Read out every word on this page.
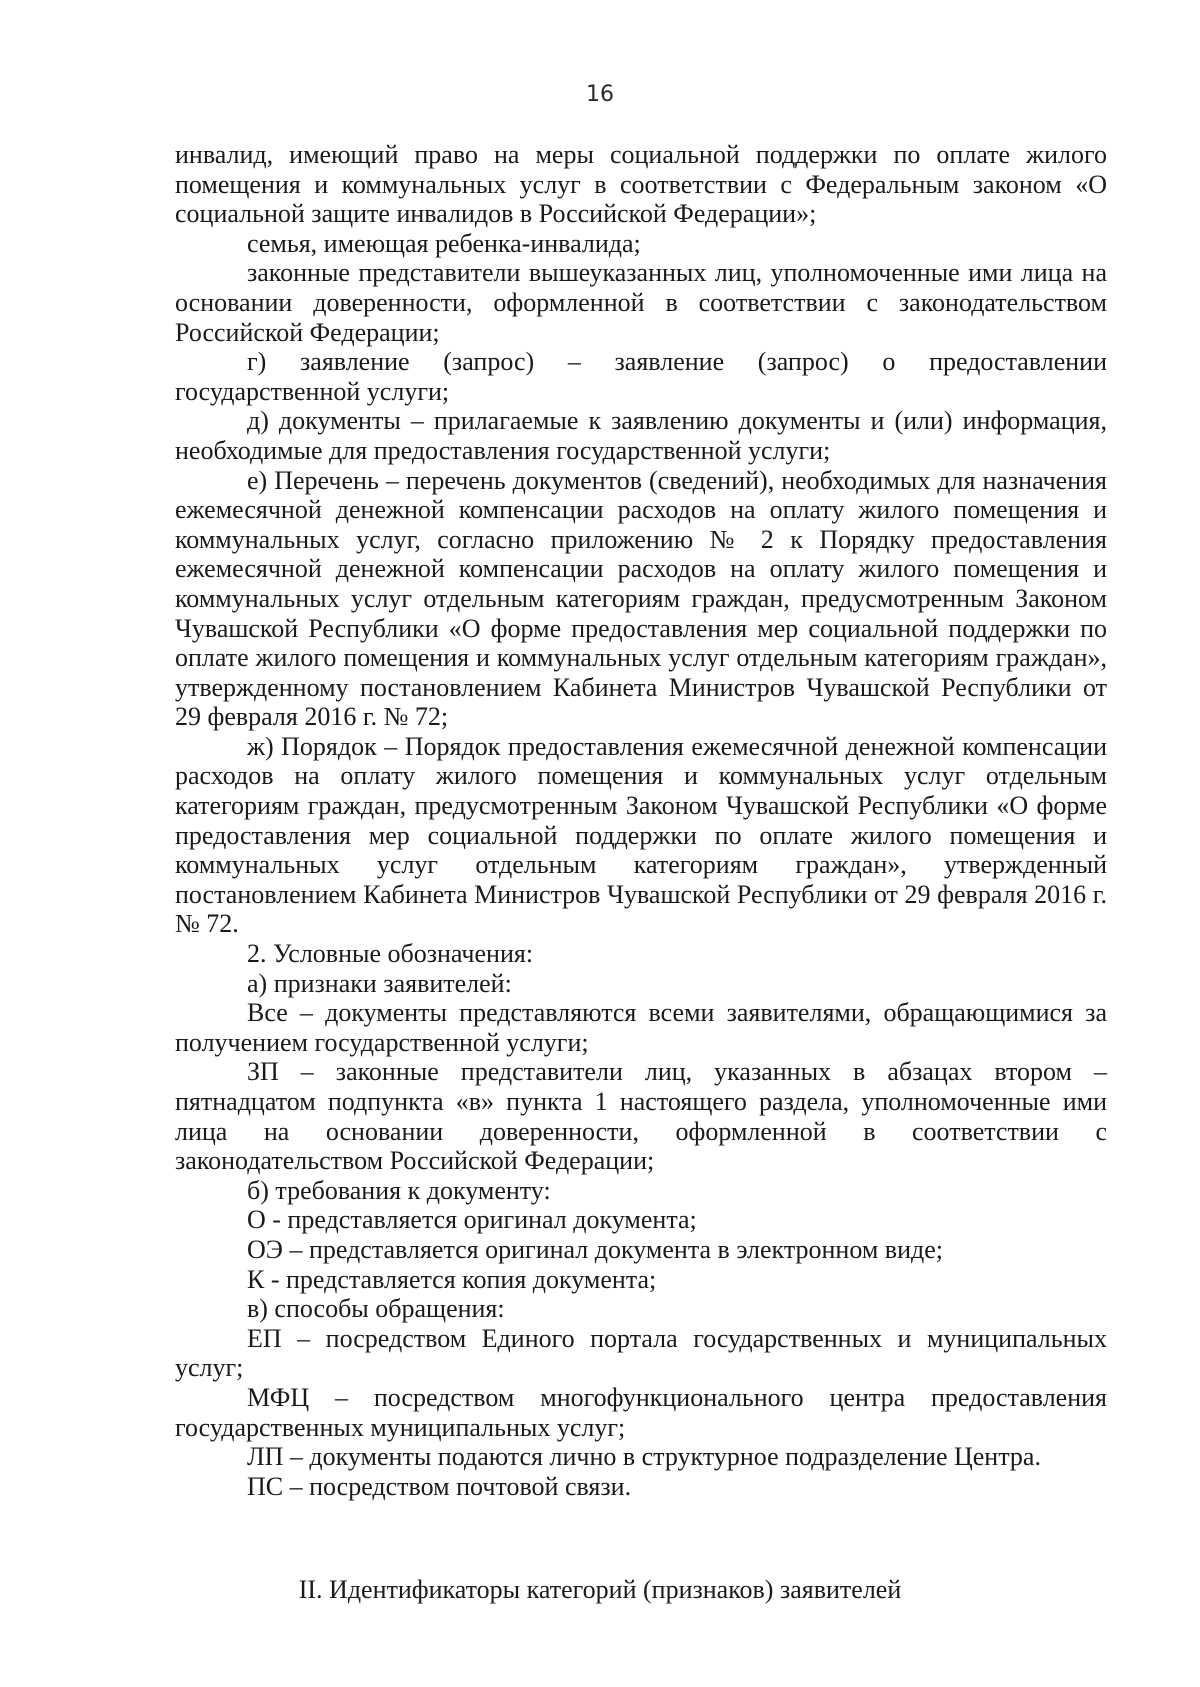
16

инвалид, имеющий право на меры социальной поддержки по оплате жилого помещения и коммунальных услуг в соответствии с Федеральным законом «О социальной защите инвалидов в Российской Федерации»;

семья, имеющая ребенка-инвалида;

законные представители вышеуказанных лиц, уполномоченные ими лица на основании доверенности, оформленной в соответствии с законодательством Российской Федерации;

г) заявление (запрос) – заявление (запрос) о предоставлении государственной услуги;

д) документы – прилагаемые к заявлению документы и (или) информация, необходимые для предоставления государственной услуги;

е) Перечень – перечень документов (сведений), необходимых для назначения ежемесячной денежной компенсации расходов на оплату жилого помещения и коммунальных услуг, согласно приложению № 2 к Порядку предоставления ежемесячной денежной компенсации расходов на оплату жилого помещения и коммунальных услуг отдельным категориям граждан, предусмотренным Законом Чувашской Республики «О форме предоставления мер социальной поддержки по оплате жилого помещения и коммунальных услуг отдельным категориям граждан», утвержденному постановлением Кабинета Министров Чувашской Республики от 29 февраля 2016 г. № 72;

ж) Порядок – Порядок предоставления ежемесячной денежной компенсации расходов на оплату жилого помещения и коммунальных услуг отдельным категориям граждан, предусмотренным Законом Чувашской Республики «О форме предоставления мер социальной поддержки по оплате жилого помещения и коммунальных услуг отдельным категориям граждан», утвержденный постановлением Кабинета Министров Чувашской Республики от 29 февраля 2016 г. № 72.

2. Условные обозначения:

а) признаки заявителей:

Все – документы представляются всеми заявителями, обращающимися за получением государственной услуги;

ЗП – законные представители лиц, указанных в абзацах втором – пятнадцатом подпункта «в» пункта 1 настоящего раздела, уполномоченные ими лица на основании доверенности, оформленной в соответствии с законодательством Российской Федерации;

б) требования к документу:

О - представляется оригинал документа;

ОЭ – представляется оригинал документа в электронном виде;

К - представляется копия документа;

в) способы обращения:

ЕП – посредством Единого портала государственных и муниципальных услуг;

МФЦ – посредством многофункционального центра предоставления государственных муниципальных услуг;

ЛП – документы подаются лично в структурное подразделение Центра.

ПС – посредством почтовой связи.

II. Идентификаторы категорий (признаков) заявителей
